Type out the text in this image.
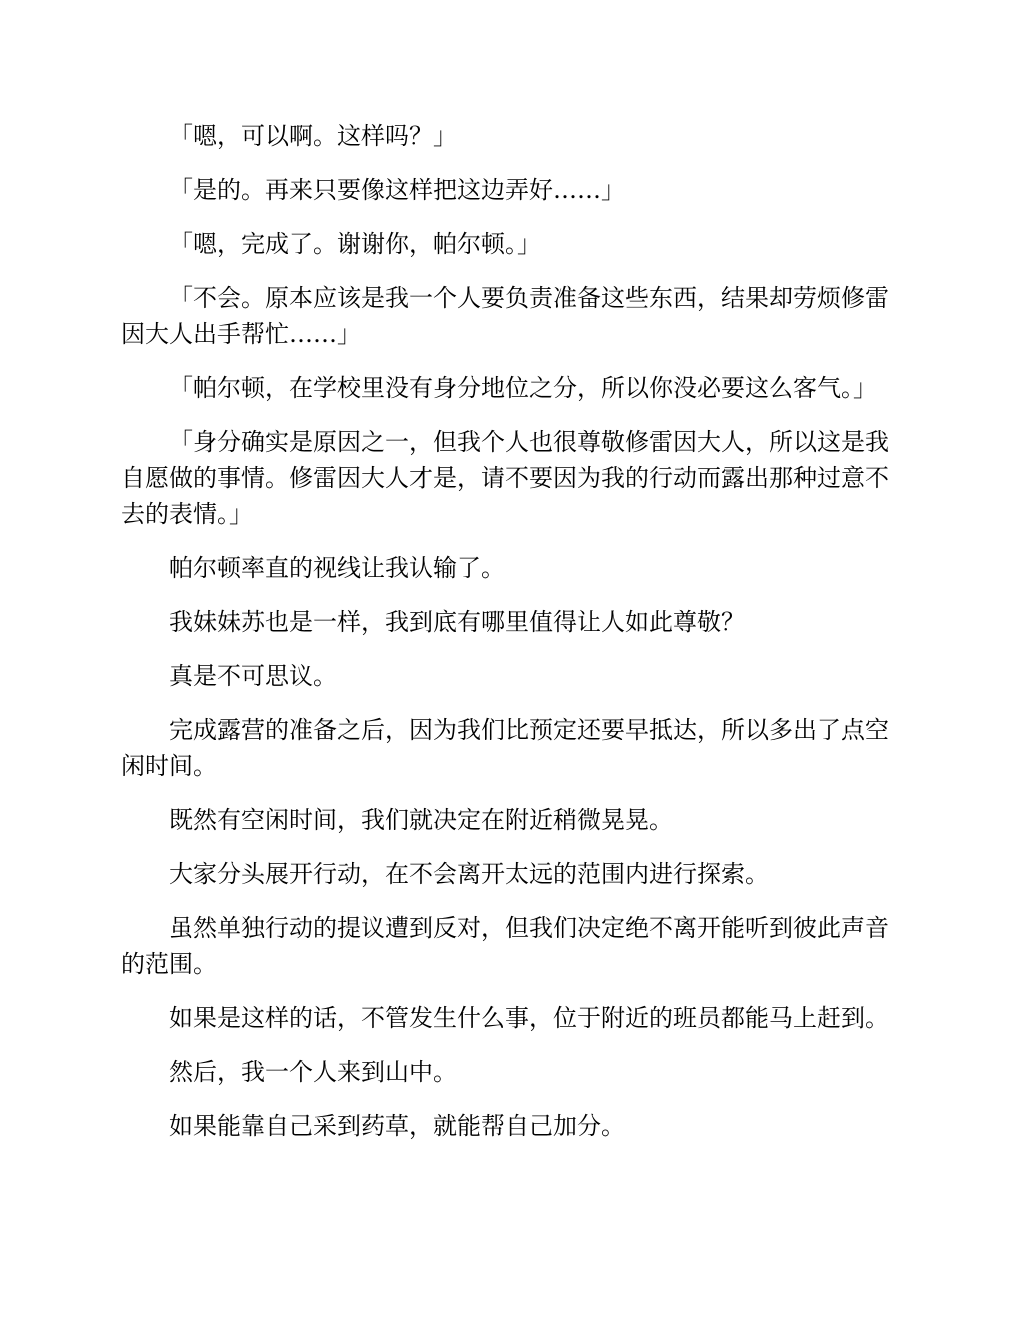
「嗯，可以啊。这样吗？」

「是的。再来只要像这样把这边弄好……」

「嗯，完成了。谢谢你，帕尔顿。」

「不会。原本应该是我一个人要负责准备这些东西，结果却劳烦修雷因大人出手帮忙……」

「帕尔顿，在学校里没有身分地位之分，所以你没必要这么客气。」

「身分确实是原因之一，但我个人也很尊敬修雷因大人，所以这是我自愿做的事情。修雷因大人才是，请不要因为我的行动而露出那种过意不去的表情。」

帕尔顿率直的视线让我认输了。

我妹妹苏也是一样，我到底有哪里值得让人如此尊敬？

真是不可思议。

完成露营的准备之后，因为我们比预定还要早抵达，所以多出了点空闲时间。

既然有空闲时间，我们就决定在附近稍微晃晃。

大家分头展开行动，在不会离开太远的范围内进行探索。

虽然单独行动的提议遭到反对，但我们决定绝不离开能听到彼此声音的范围。

如果是这样的话，不管发生什么事，位于附近的班员都能马上赶到。

然后，我一个人来到山中。

如果能靠自己采到药草，就能帮自己加分。
